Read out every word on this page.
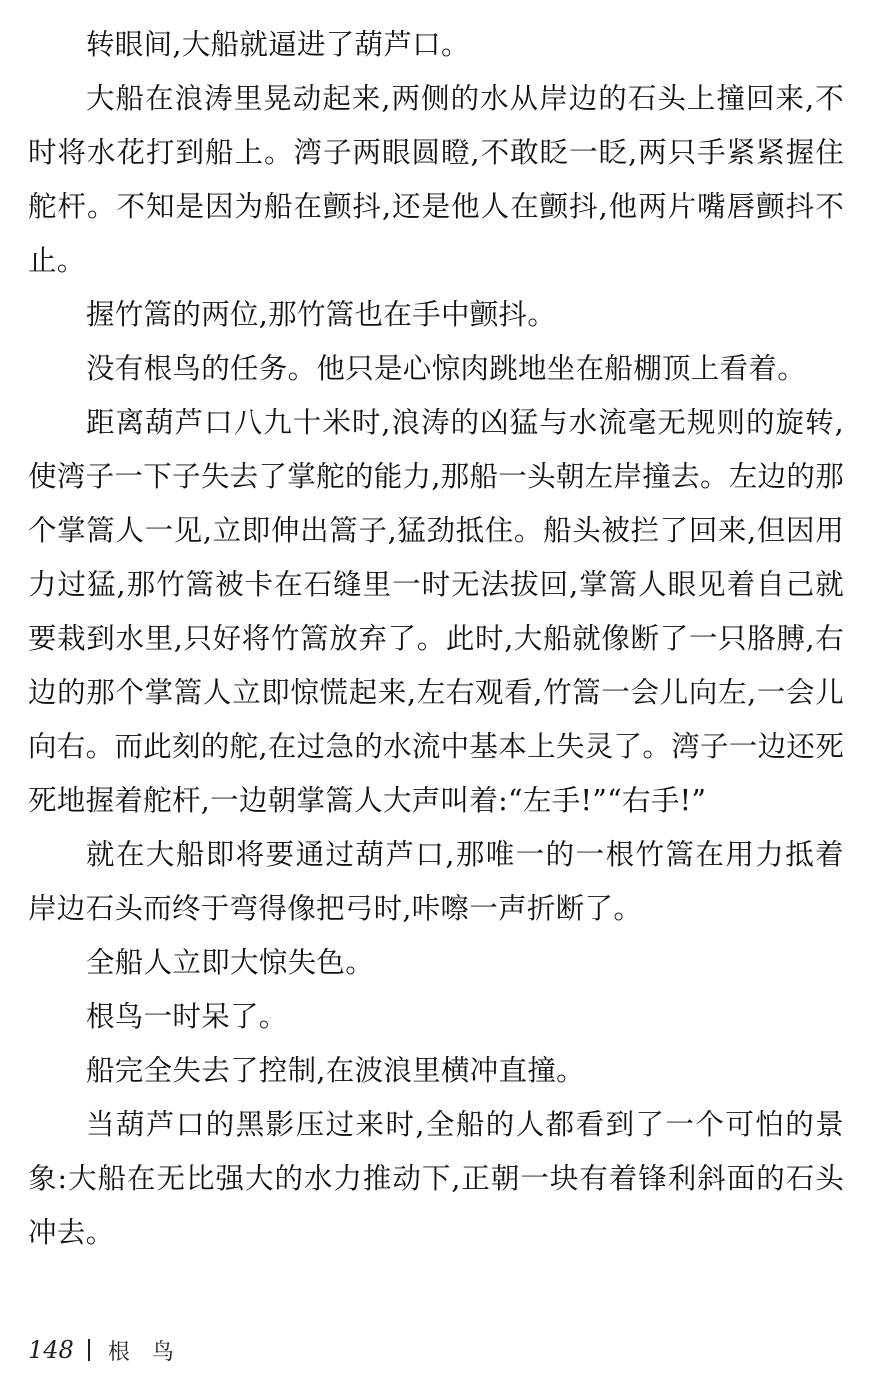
转眼间,大船就逼进了葫芦口。

大船在浪涛里晃动起来,两侧的水从岸边的石头上撞回来,不时将水花打到船上。湾子两眼圆瞪,不敢眨一眨,两只手紧紧握住舵杆。不知是因为船在颤抖,还是他人在颤抖,他两片嘴唇颤抖不止。

握竹篙的两位,那竹篙也在手中颤抖。

没有根鸟的任务。他只是心惊肉跳地坐在船棚顶上看着。

距离葫芦口八九十米时,浪涛的凶猛与水流毫无规则的旋转,使湾子一下子失去了掌舵的能力,那船一头朝左岸撞去。左边的那个掌篙人一见,立即伸出篙子,猛劲抵住。船头被拦了回来,但因用力过猛,那竹篙被卡在石缝里一时无法拔回,掌篙人眼见着自己就要栽到水里,只好将竹篙放弃了。此时,大船就像断了一只胳膊,右边的那个掌篙人立即惊慌起来,左右观看,竹篙一会儿向左,一会儿向右。而此刻的舵,在过急的水流中基本上失灵了。湾子一边还死死地握着舵杆,一边朝掌篙人大声叫着:“左手!”“右手!”

就在大船即将要通过葫芦口,那唯一的一根竹篙在用力抵着岸边石头而终于弯得像把弓时,咔嚓一声折断了。

全船人立即大惊失色。

根鸟一时呆了。

船完全失去了控制,在波浪里横冲直撞。

当葫芦口的黑影压过来时,全船的人都看到了一个可怕的景象:大船在无比强大的水力推动下,正朝一块有着锋利斜面的石头冲去。

148 根鸟
